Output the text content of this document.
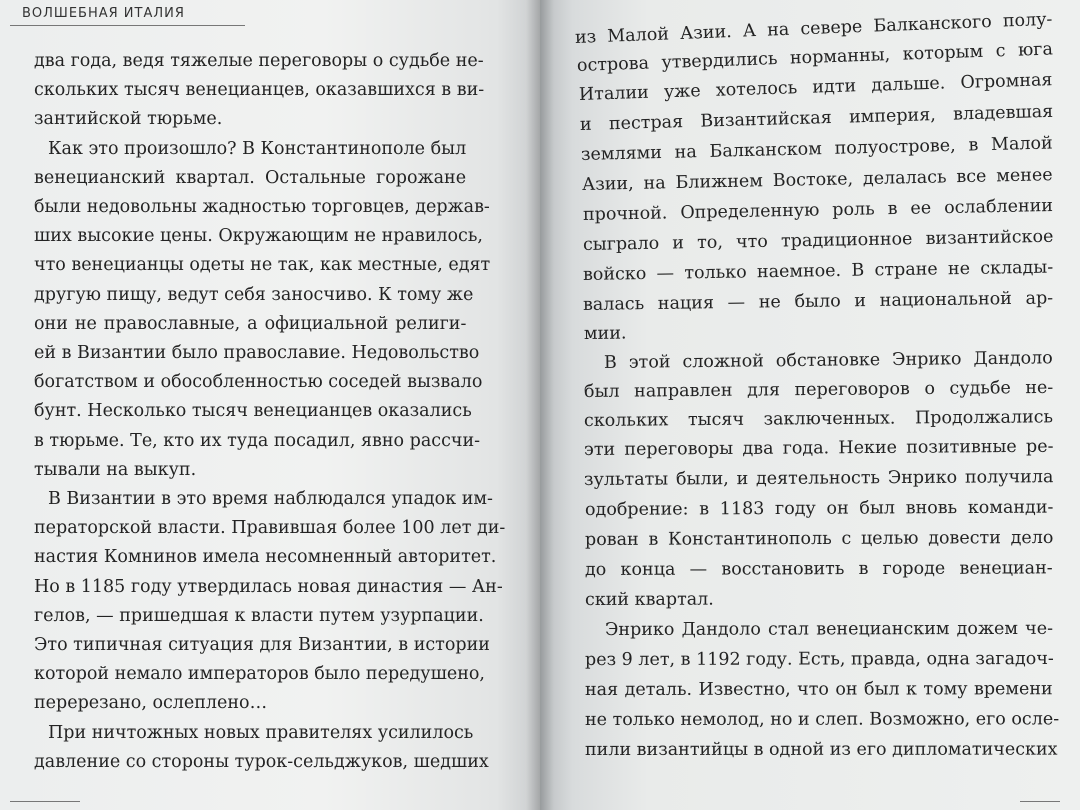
ВОЛШЕБНАЯ ИТАЛИЯ
два года, ведя тяжелые переговоры о судьбе не-
скольких тысяч венецианцев, оказавшихся в ви-
зантийской тюрьме.
Как это произошло? В Константинополе был
венецианский квартал. Остальные горожане
были недовольны жадностью торговцев, держав-
ших высокие цены. Окружающим не нравилось,
что венецианцы одеты не так, как местные, едят
другую пищу, ведут себя заносчиво. К тому же
они не православные, а официальной религи-
ей в Византии было православие. Недовольство
богатством и обособленностью соседей вызвало
бунт. Несколько тысяч венецианцев оказались
в тюрьме. Те, кто их туда посадил, явно рассчи-
тывали на выкуп.
В Византии в это время наблюдался упадок им-
ператорской власти. Правившая более 100 лет ди-
настия Комнинов имела несомненный авторитет.
Но в 1185 году утвердилась новая династия — Ан-
гелов, — пришедшая к власти путем узурпации.
Это типичная ситуация для Византии, в истории
которой немало императоров было передушено,
перерезано, ослеплено…
При ничтожных новых правителях усилилось
давление со стороны турок-сельджуков, шедших
из Малой Азии. А на севере Балканского полу-
острова утвердились норманны, которым с юга
Италии уже хотелось идти дальше. Огромная
и пестрая Византийская империя, владевшая
землями на Балканском полуострове, в Малой
Азии, на Ближнем Востоке, делалась все менее
прочной. Определенную роль в ее ослаблении
сыграло и то, что традиционное византийское
войско — только наемное. В стране не склады-
валась нация — не было и национальной ар-
мии.
В этой сложной обстановке Энрико Дандоло
был направлен для переговоров о судьбе не-
скольких тысяч заключенных. Продолжались
эти переговоры два года. Некие позитивные ре-
зультаты были, и деятельность Энрико получила
одобрение: в 1183 году он был вновь команди-
рован в Константинополь с целью довести дело
до конца — восстановить в городе венециан-
ский квартал.
Энрико Дандоло стал венецианским дожем че-
рез 9 лет, в 1192 году. Есть, правда, одна загадоч-
ная деталь. Известно, что он был к тому времени
не только немолод, но и слеп. Возможно, его осле-
пили византийцы в одной из его дипломатических
